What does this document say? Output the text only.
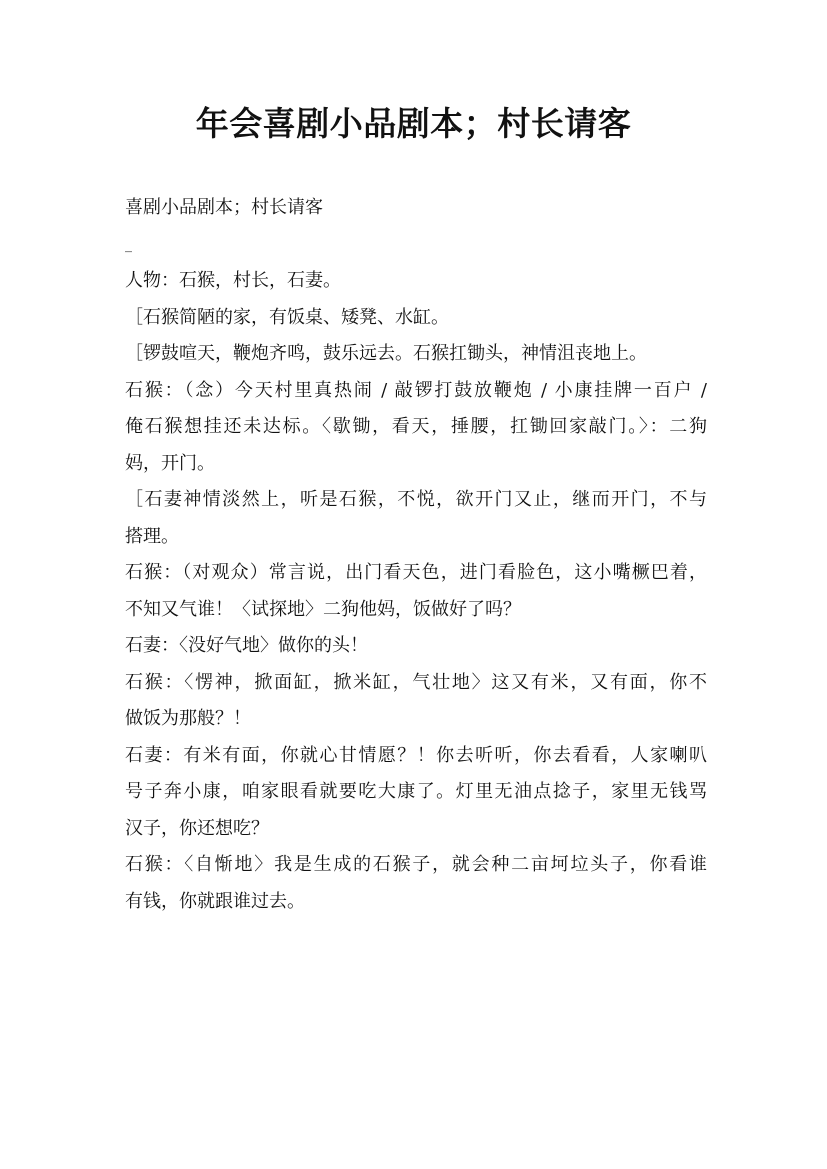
年会喜剧小品剧本；村长请客

喜剧小品剧本；村长请客

_

人物：石猴，村长，石妻。

［石猴简陋的家，有饭桌、矮凳、水缸。

［锣鼓喧天，鞭炮齐鸣，鼓乐远去。石猴扛锄头，神情沮丧地上。

石猴：（念）今天村里真热闹 / 敲锣打鼓放鞭炮 / 小康挂牌一百户 /

俺石猴想挂还未达标。〈歇锄，看天，捶腰，扛锄回家敲门。〉：二狗

妈，开门。

［石妻神情淡然上，听是石猴，不悦，欲开门又止，继而开门，不与

搭理。

石猴：（对观众）常言说，出门看天色，进门看脸色，这小嘴橛巴着，

不知又气谁！〈试探地〉二狗他妈，饭做好了吗？

石妻：〈没好气地〉做你的头！

石猴：〈愣神，掀面缸，掀米缸，气壮地〉这又有米，又有面，你不

做饭为那般？！

石妻：有米有面，你就心甘情愿？！你去听听，你去看看，人家喇叭

号子奔小康，咱家眼看就要吃大康了。灯里无油点捻子，家里无钱骂

汉子，你还想吃？

石猴：〈自惭地〉我是生成的石猴子，就会种二亩坷垃头子，你看谁

有钱，你就跟谁过去。
